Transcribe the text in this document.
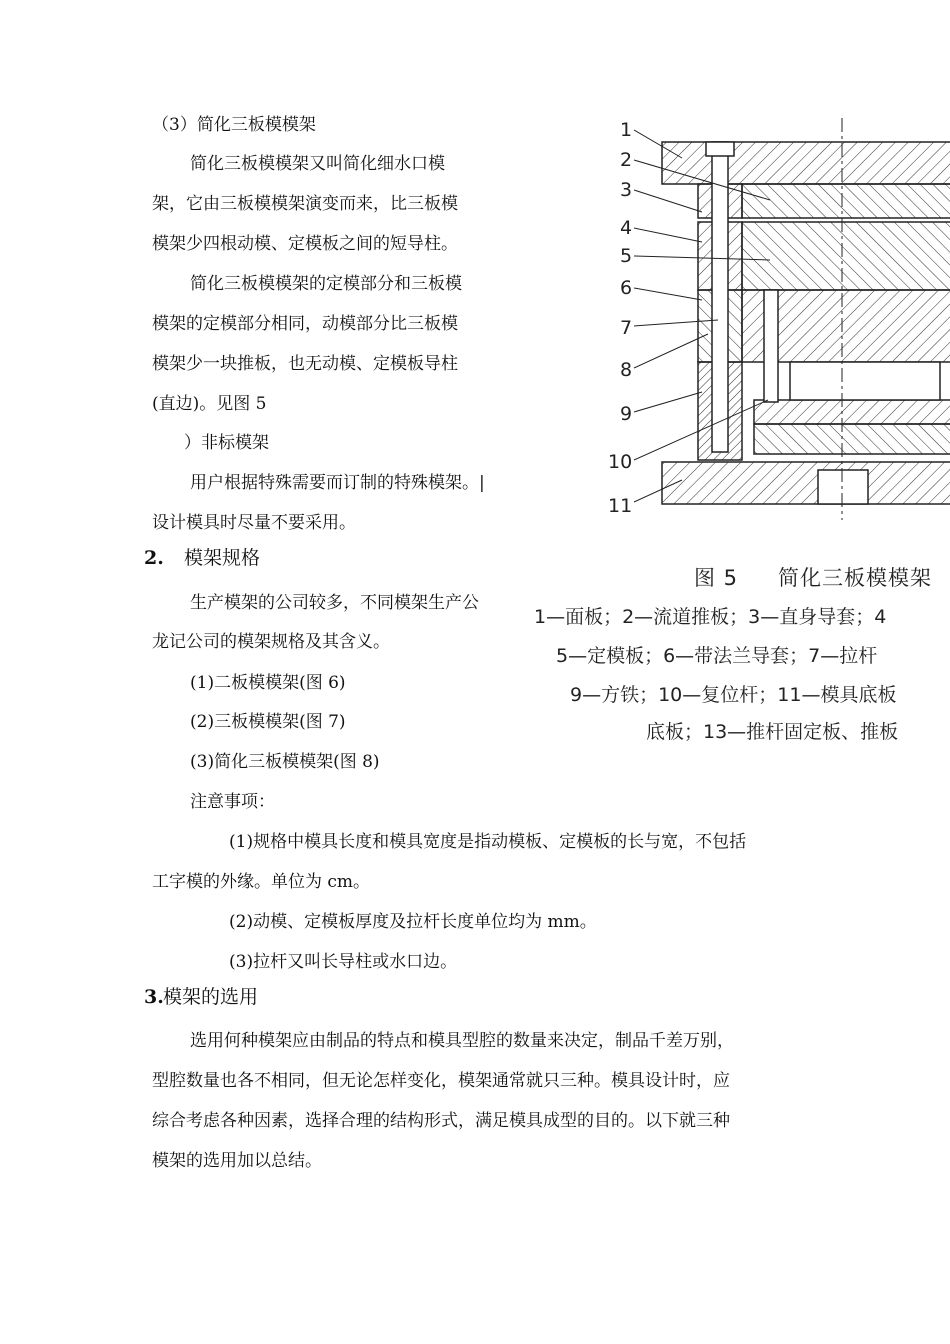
（3）简化三板模模架
简化三板模模架又叫简化细水口模
架，它由三板模模架演变而来，比三板模
模架少四根动模、定模板之间的短导柱。
简化三板模模架的定模部分和三板模
模架的定模部分相同，动模部分比三板模
模架少一块推板，也无动模、定模板导柱
(直边)。见图 5
）非标模架
用户根据特殊需要而订制的特殊模架。|
设计模具时尽量不要采用。
2. 模架规格
生产模架的公司较多，不同模架生产公
龙记公司的模架规格及其含义。
(1)二板模模架(图 6)
(2)三板模模架(图 7)
(3)简化三板模模架(图 8)
注意事项：
(1)规格中模具长度和模具宽度是指动模板、定模板的长与宽，不包括
工字模的外缘。单位为 cm。
(2)动模、定模板厚度及拉杆长度单位均为 mm。
(3)拉杆又叫长导柱或水口边。
3. 模架的选用
选用何种模架应由制品的特点和模具型腔的数量来决定，制品千差万别，
型腔数量也各不相同，但无论怎样变化，模架通常就只三种。模具设计时，应
综合考虑各种因素，选择合理的结构形式，满足模具成型的目的。以下就三种
模架的选用加以总结。
1
2
3
4
5
6
7
8
9
10
11
图 5 简化三板模模架
1—面板；2—流道推板；3—直身导套；4
5—定模板；6—带法兰导套；7—拉杆
9—方铁；10—复位杆；11—模具底板
底板；13—推杆固定板、推板
